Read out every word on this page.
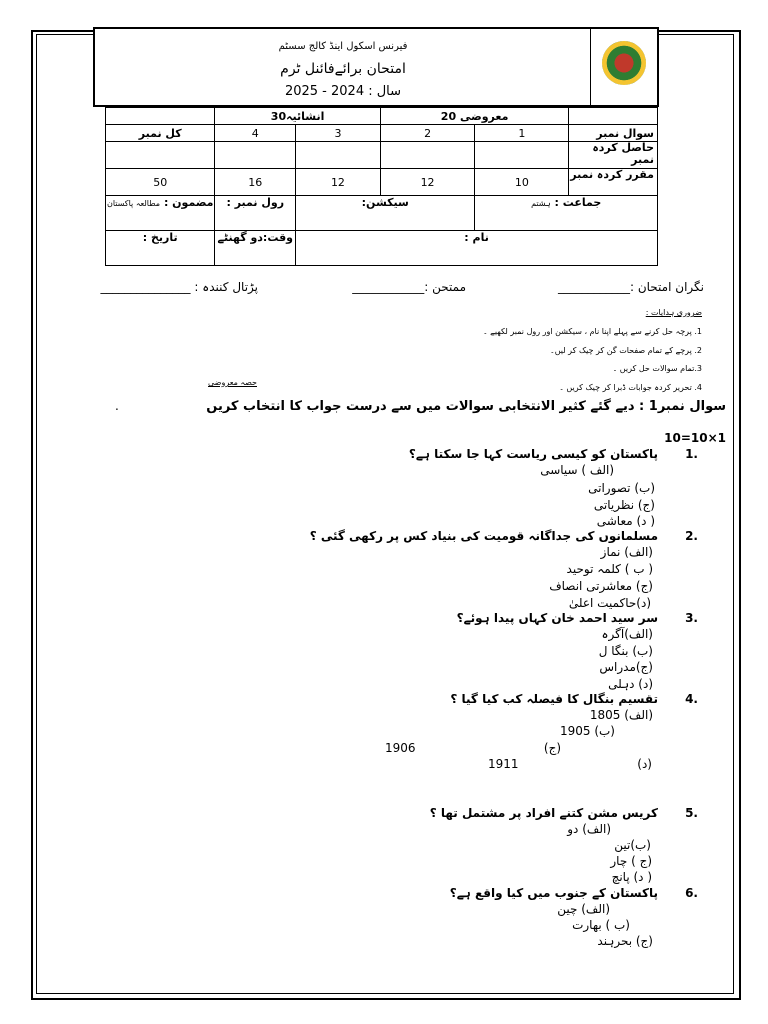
فیرنس اسکول اینڈ کالج سسٹم
امتحان برائےفائنل ٹرم
سال : 2024 - 2025
	معروضی 20		انشائیہ30		
سوال نمبر	1	2	3	4	کل نمبر
حاصل کردہ نمبر					
مقرر کردہ نمبر	10	12	12	16	50
جماعت : ہشتم		سیکشن:		رول نمبر :	مضمون : مطالعہ پاکستان
نام :				وقت:دو گھنٹے	تاریخ :
نگران امتحان :____________
ممتحن :____________
پڑتال کنندہ : _______________
ضروری ہدایات :
1. پرچہ حل کرنے سے پہلے اپنا نام ، سیکشن اور رول نمبر لکھیے ۔
2. پرچے کے تمام صفحات گن کر چیک کر لیں۔
3.تمام سوالات حل کریں ۔
4. تحریر کردہ جوابات ڈبرا کر چیک کریں ۔
حصہ معروضی
سوال نمبر1 : دیے گئے کثیر الانتخابی سوالات میں سے درست جواب کا انتخاب کریں
.
10=10×1
1.
پاکستان کو کیسی ریاست کہا جا سکتا ہے؟
(الف ) سیاسی
(ب) تصوراتی
(ج) نظریاتی
( د) معاشی
2.
مسلمانوں کی جداگانہ قومیت کی بنیاد کس پر رکھی گئی ؟
(الف) نماز
( ب ) کلمہ توحید
(ج) معاشرتی انصاف
(د)حاکمیت اعلیٰ
3.
سر سید احمد خان کہاں پیدا ہوئے؟
(الف)آگرہ
(ب) بنگا ل
(ج)مدراس
(د) دہلی
4.
تقسیم بنگال کا فیصلہ کب کیا گیا ؟
(الف) 1805
(ب) 1905
(ج)
1906
(د)
1911
5.
کریس مشن کتنے افراد پر مشتمل تھا ؟
(الف) دو
(ب)تین
(ج ) چار
( د) پانچ
6.
پاکستان کے جنوب میں کیا واقع ہے؟
(الف) چین
(ب ) بھارت
(ج) بحرہند
